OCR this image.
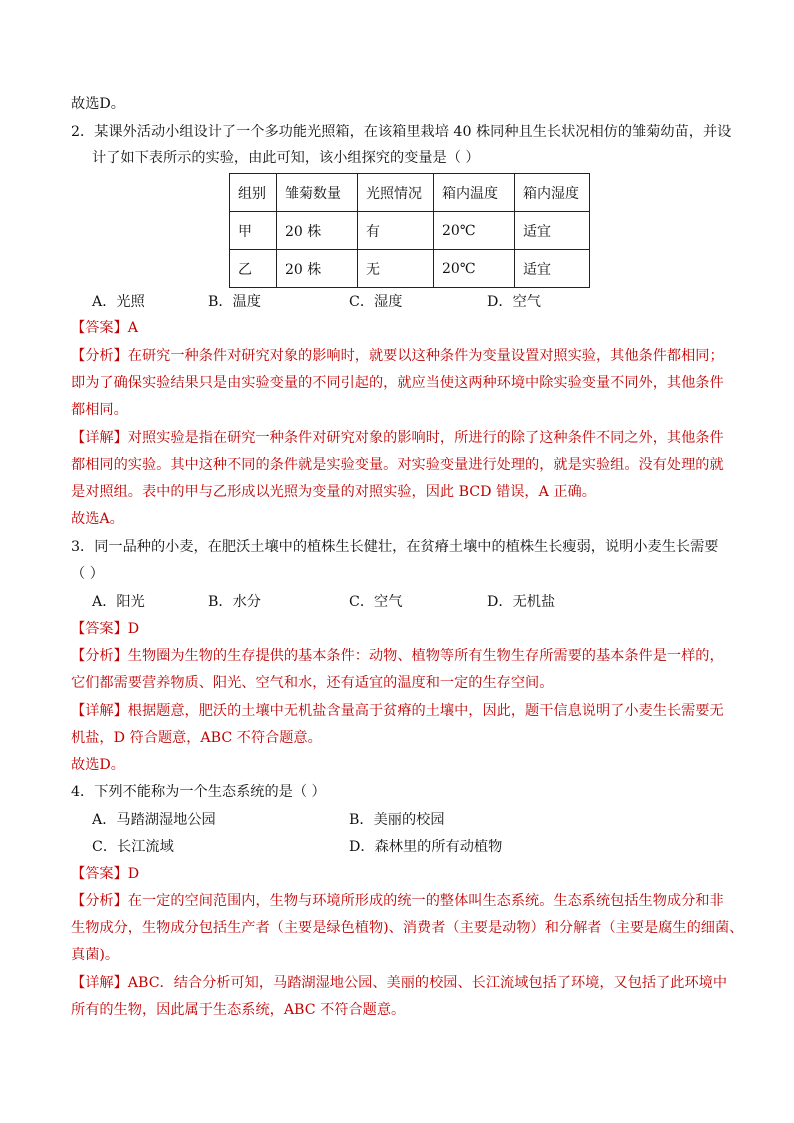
故选D。
2．某课外活动小组设计了一个多功能光照箱，在该箱里栽培 40 株同种且生长状况相仿的雏菊幼苗，并设
计了如下表所示的实验，由此可知，该小组探究的变量是（ ）
组别	雏菊数量	光照情况	箱内温度	箱内湿度
甲	20 株	有	20℃	适宜
乙	20 株	无	20℃	适宜
A．光照	B．温度	C．湿度	D．空气
【答案】A
【分析】在研究一种条件对研究对象的影响时，就要以这种条件为变量设置对照实验，其他条件都相同；
即为了确保实验结果只是由实验变量的不同引起的，就应当使这两种环境中除实验变量不同外，其他条件
都相同。
【详解】对照实验是指在研究一种条件对研究对象的影响时，所进行的除了这种条件不同之外，其他条件
都相同的实验。其中这种不同的条件就是实验变量。对实验变量进行处理的，就是实验组。没有处理的就
是对照组。表中的甲与乙形成以光照为变量的对照实验，因此 BCD 错误，A 正确。
故选A。
3．同一品种的小麦，在肥沃土壤中的植株生长健壮，在贫瘠土壤中的植株生长瘦弱，说明小麦生长需要
（ ）
A．阳光	B．水分	C．空气	D．无机盐
【答案】D
【分析】生物圈为生物的生存提供的基本条件：动物、植物等所有生物生存所需要的基本条件是一样的，
它们都需要营养物质、阳光、空气和水，还有适宜的温度和一定的生存空间。
【详解】根据题意，肥沃的土壤中无机盐含量高于贫瘠的土壤中，因此，题干信息说明了小麦生长需要无
机盐，D 符合题意，ABC 不符合题意。
故选D。
4．下列不能称为一个生态系统的是（ ）
A．马踏湖湿地公园	B．美丽的校园
C．长江流域	D．森林里的所有动植物
【答案】D
【分析】在一定的空间范围内，生物与环境所形成的统一的整体叫生态系统。生态系统包括生物成分和非
生物成分，生物成分包括生产者（主要是绿色植物)、消费者（主要是动物）和分解者（主要是腐生的细菌、
真菌)。
【详解】ABC．结合分析可知，马踏湖湿地公园、美丽的校园、长江流域包括了环境，又包括了此环境中
所有的生物，因此属于生态系统，ABC 不符合题意。
